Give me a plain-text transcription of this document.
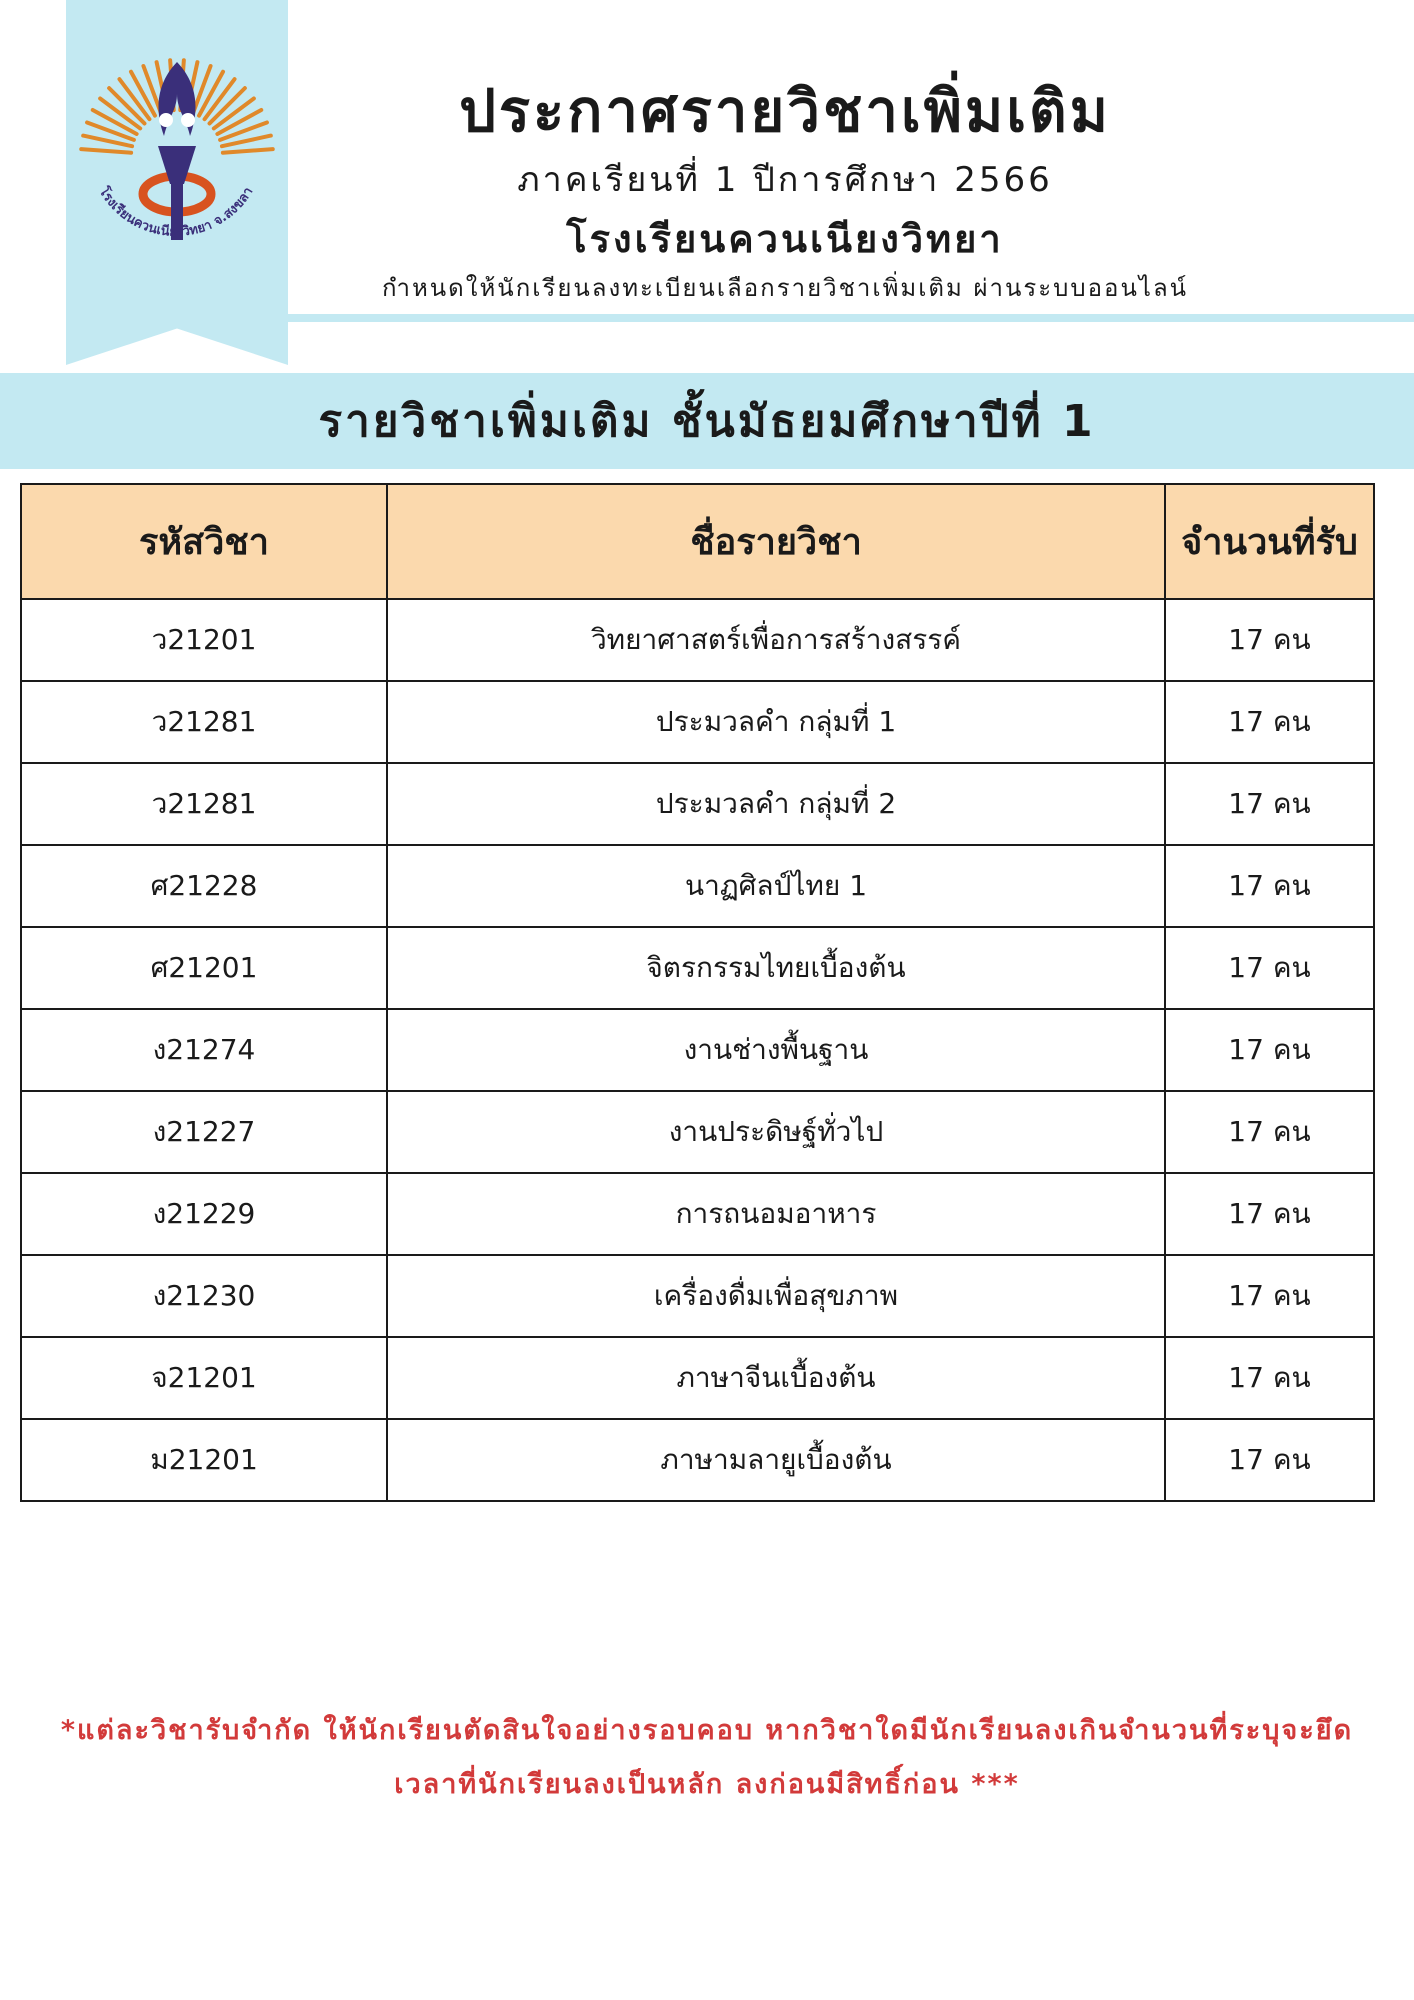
โรงเรียนควนเนียงวิทยา จ.สงขลา
ประกาศรายวิชาเพิ่มเติม

ภาคเรียนที่ 1 ปีการศึกษา 2566

โรงเรียนควนเนียงวิทยา

กำหนดให้นักเรียนลงทะเบียนเลือกรายวิชาเพิ่มเติม ผ่านระบบออนไลน์

รายวิชาเพิ่มเติม ชั้นมัธยมศึกษาปีที่ 1
รหัสวิชา	ชื่อรายวิชา	จำนวนที่รับ
ว21201	วิทยาศาสตร์เพื่อการสร้างสรรค์	17 คน
ว21281	ประมวลคำ กลุ่มที่ 1	17 คน
ว21281	ประมวลคำ กลุ่มที่ 2	17 คน
ศ21228	นาฏศิลป์ไทย 1	17 คน
ศ21201	จิตรกรรมไทยเบื้องต้น	17 คน
ง21274	งานช่างพื้นฐาน	17 คน
ง21227	งานประดิษฐ์ทั่วไป	17 คน
ง21229	การถนอมอาหาร	17 คน
ง21230	เครื่องดื่มเพื่อสุขภาพ	17 คน
จ21201	ภาษาจีนเบื้องต้น	17 คน
ม21201	ภาษามลายูเบื้องต้น	17 คน

*แต่ละวิชารับจำกัด ให้นักเรียนตัดสินใจอย่างรอบคอบ หากวิชาใดมีนักเรียนลงเกินจำนวนที่ระบุจะยึด
เวลาที่นักเรียนลงเป็นหลัก ลงก่อนมีสิทธิ์ก่อน ***
